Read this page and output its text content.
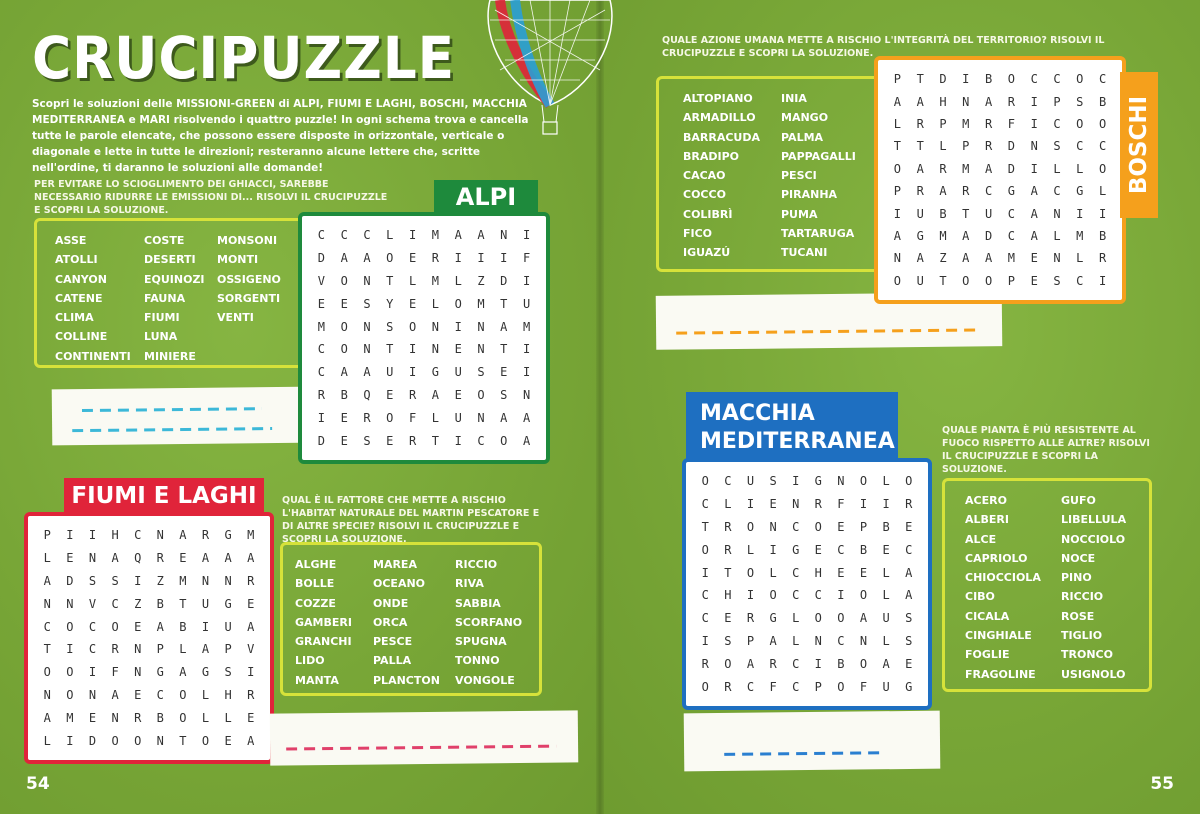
CRUCIPUZZLE
Scopri le soluzioni delle MISSIONI-GREEN di ALPI, FIUMI E LAGHI, BOSCHI, MACCHIA MEDITERRANEA e MARI risolvendo i quattro puzzle! In ogni schema trova e cancella tutte le parole elencate, che possono essere disposte in orizzontale, verticale o diagonale e lette in tutte le direzioni; resteranno alcune lettere che, scritte nell'ordine, ti daranno le soluzioni alle domande!
PER EVITARE LO SCIOGLIMENTO DEI GHIACCI, SAREBBE NECESSARIO RIDURRE LE EMISSIONI DI... RISOLVI IL CRUCIPUZZLE E SCOPRI LA SOLUZIONE.
ASSE
ATOLLI
CANYON
CATENE
CLIMA
COLLINE
CONTINENTI
COSTE
DESERTI
EQUINOZI
FAUNA
FIUMI
LUNA
MINIERE
MONSONI
MONTI
OSSIGENO
SORGENTI
VENTI
ALPI
C	C	C	L	I	M	A	A	N	I
D	A	A	O	E	R	I	I	I	F
V	O	N	T	L	M	L	Z	D	I
E	E	S	Y	E	L	O	M	T	U
M	O	N	S	O	N	I	N	A	M
C	O	N	T	I	N	E	N	T	I
C	A	A	U	I	G	U	S	E	I
R	B	Q	E	R	A	E	O	S	N
I	E	R	O	F	L	U	N	A	A
D	E	S	E	R	T	I	C	O	A
FIUMI E LAGHI
P	I	I	H	C	N	A	R	G	M
L	E	N	A	Q	R	E	A	A	A
A	D	S	S	I	Z	M	N	N	R
N	N	V	C	Z	B	T	U	G	E
C	O	C	O	E	A	B	I	U	A
T	I	C	R	N	P	L	A	P	V
O	O	I	F	N	G	A	G	S	I
N	O	N	A	E	C	O	L	H	R
A	M	E	N	R	B	O	L	L	E
L	I	D	O	O	N	T	O	E	A
QUAL È IL FATTORE CHE METTE A RISCHIO L'HABITAT NATURALE DEL MARTIN PESCATORE E DI ALTRE SPECIE? RISOLVI IL CRUCIPUZZLE E SCOPRI LA SOLUZIONE.
ALGHE
BOLLE
COZZE
GAMBERI
GRANCHI
LIDO
MANTA
MAREA
OCEANO
ONDE
ORCA
PESCE
PALLA
PLANCTON
RICCIO
RIVA
SABBIA
SCORFANO
SPUGNA
TONNO
VONGOLE
54
QUALE AZIONE UMANA METTE A RISCHIO L'INTEGRITÀ DEL TERRITORIO? RISOLVI IL CRUCIPUZZLE E SCOPRI LA SOLUZIONE.
ALTOPIANO
ARMADILLO
BARRACUDA
BRADIPO
CACAO
COCCO
COLIBRÌ
FICO
IGUAZÚ
INIA
MANGO
PALMA
PAPPAGALLI
PESCI
PIRANHA
PUMA
TARTARUGA
TUCANI
P	T	D	I	B	O	C	C	O	C
A	A	H	N	A	R	I	P	S	B
L	R	P	M	R	F	I	C	O	O
T	T	L	P	R	D	N	S	C	C
O	A	R	M	A	D	I	L	L	O
P	R	A	R	C	G	A	C	G	L
I	U	B	T	U	C	A	N	I	I
A	G	M	A	D	C	A	L	M	B
N	A	Z	A	A	M	E	N	L	R
O	U	T	O	O	P	E	S	C	I
BOSCHI
MACCHIA
MEDITERRANEA
O	C	U	S	I	G	N	O	L	O
C	L	I	E	N	R	F	I	I	R
T	R	O	N	C	O	E	P	B	E
O	R	L	I	G	E	C	B	E	C
I	T	O	L	C	H	E	E	L	A
C	H	I	O	C	C	I	O	L	A
C	E	R	G	L	O	O	A	U	S
I	S	P	A	L	N	C	N	L	S
R	O	A	R	C	I	B	O	A	E
O	R	C	F	C	P	O	F	U	G
QUALE PIANTA È PIÙ RESISTENTE AL FUOCO RISPETTO ALLE ALTRE? RISOLVI IL CRUCIPUZZLE E SCOPRI LA SOLUZIONE.
ACERO
ALBERI
ALCE
CAPRIOLO
CHIOCCIOLA
CIBO
CICALA
CINGHIALE
FOGLIE
FRAGOLINE
GUFO
LIBELLULA
NOCCIOLO
NOCE
PINO
RICCIO
ROSE
TIGLIO
TRONCO
USIGNOLO
55
